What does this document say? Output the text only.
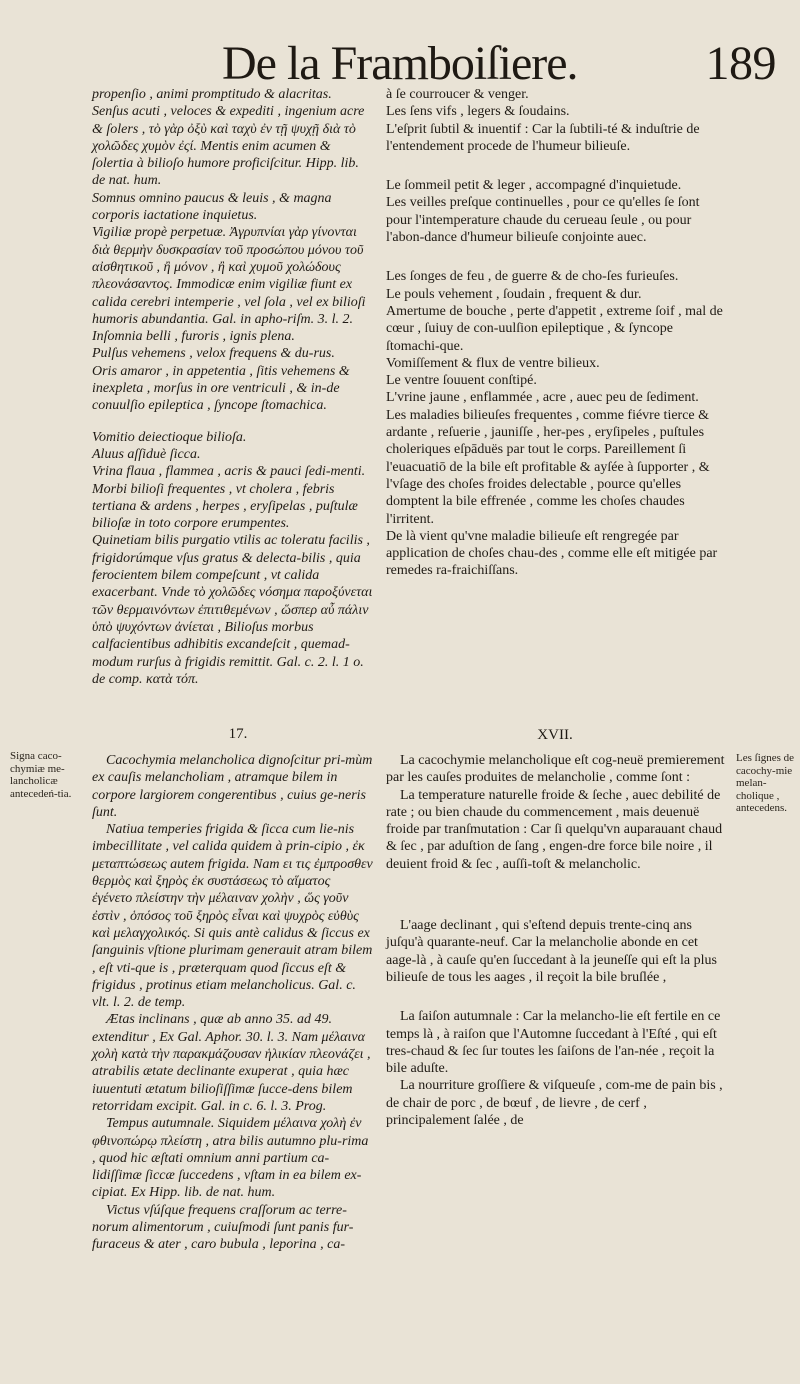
De la Framboiſiere.	189

propenſio , animi promptitudo & alacritas.

Senſus acuti , veloces & expediti , ingenium acre & ſolers , τὸ γὰρ ὀξὺ καὶ ταχὺ ἐν τῇ ψυχῇ διὰ τὸ χολῶδες χυμὸν ἐςί. Mentis enim acumen & ſolertia à bilioſo humore proficiſcitur. Hipp. lib. de nat. hum.

Somnus omnino paucus & leuis , & magna corporis iactatione inquietus.

Vigiliæ propè perpetuæ. Ἀγρυπνίαι γὰρ γίνονται διὰ θερμὴν δυσκρασίαν τοῦ προσώπου μόνου τοῦ αἰσθητικοῦ , ἢ μόνον , ἢ καὶ χυμοῦ χολώδους πλεονάσαντος. Immodicæ enim vigiliæ fiunt ex calida cerebri intemperie , vel ſola , vel ex bilioſi humoris abundantia. Gal. in apho-riſm. 3. l. 2.

Inſomnia belli , furoris , ignis plena.

Pulſus vehemens , velox frequens & du-rus.

Oris amaror , in appetentia , ſitis vehemens & inexpleta , morſus in ore ventriculi , & in-de conuulſio epileptica , ſyncope ſtomachica.

Vomitio deiectioque bilioſa.

Aluus aſſiduè ſicca.

Vrina flaua , flammea , acris & pauci ſedi-menti.

Morbi bilioſi frequentes , vt cholera , febris tertiana & ardens , herpes , eryſipelas , puſtulæ bilioſæ in toto corpore erumpentes.

Quinetiam bilis purgatio vtilis ac toleratu facilis , frigidorúmque vſus gratus & delecta-bilis , quia ferocientem bilem compeſcunt , vt calida exacerbant. Vnde τὸ χολῶδες νόσημα παροξύνεται τῶν θερμαινόντων ἐπιτιθεμένων , ὥσπερ αὖ πάλιν ὑπὸ ψυχόντων ἀνίεται , Bilioſus morbus calfacientibus adhibitis excandeſcit , quemad-modum rurſus à frigidis remittit. Gal. c. 2. l. 1 o. de comp. κατὰ τόπ.

à ſe courroucer & venger.

Les ſens vifs , legers & ſoudains.

L'eſprit ſubtil & inuentif : Car la ſubtili-té & induſtrie de l'entendement procede de l'humeur bilieuſe.

Le ſommeil petit & leger , accompagné d'inquietude.

Les veilles preſque continuelles , pour ce qu'elles ſe ſont pour l'intemperature chaude du cerueau ſeule , ou pour l'abon-dance d'humeur bilieuſe conjointe auec.

Les ſonges de feu , de guerre & de cho-ſes furieuſes.

Le pouls vehement , ſoudain , frequent & dur.

Amertume de bouche , perte d'appetit , extreme ſoif , mal de cœur , ſuiuy de con-uulſion epileptique , & ſyncope ſtomachi-que.

Vomiſſement & flux de ventre bilieux.

Le ventre ſouuent conſtipé.

L'vrine jaune , enflammée , acre , auec peu de ſediment.

Les maladies bilieuſes frequentes , comme fiévre tierce & ardante , reſuerie , jauniſſe , her-pes , eryſipeles , puſtules choleriques eſpāduës par tout le corps. Pareillement ſi l'euacuatiō de la bile eſt profitable & ayſée à ſupporter , & l'vſage des choſes froides delectable , pource qu'elles domptent la bile effrenée , comme les choſes chaudes l'irritent.

De là vient qu'vne maladie bilieuſe eſt rengregée par application de choſes chau-des , comme elle eſt mitigée par remedes ra-fraichiſſans.

17.	XVII.
Signa caco-chymiæ me-lancholicæ antecedeń-tia.
Les ſignes de cacochy-mie melan-cholique , antecedens.

Cacochymia melancholica dignoſcitur pri-mùm ex cauſis melancholiam , atramque bilem in corpore largiorem congerentibus , cuius ge-neris ſunt.

Natiua temperies frigida & ſicca cum lie-nis imbecillitate , vel calida quidem à prin-cipio , ἐκ μεταπτώσεως autem frigida. Nam ει τις ἐμπροσθεν θερμὸς καὶ ξηρὸς ἐκ συστάσεως τὸ αἵματος ἐγένετο πλείστην τὴν μέλαιναν χολὴν , ὥς γοῦν ἐστὶν , ὁπόσος τοῦ ξηρὸς εἶναι καὶ ψυχρὸς εὐθὺς καὶ μελαγχολικός. Si quis antè calidus & ſiccus ex ſanguinis vſtione plurimam generauit atram bilem , eſt vti-que is , præterquam quod ſiccus eſt & frigidus , protinus etiam melancholicus. Gal. c. vlt. l. 2. de temp.

Ætas inclinans , quæ ab anno 35. ad 49. extenditur , Ex Gal. Aphor. 30. l. 3. Nam μέλαινα χολὴ κατὰ τὴν παρακμάζουσαν ἡλικίαν πλεονάζει , atrabilis ætate declinante exuperat , quia hæc iuuentuti ætatum bilioſiſſimæ ſucce-dens bilem retorridam excipit. Gal. in c. 6. l. 3. Prog.

Tempus autumnale. Siquidem μέλαινα χολὴ ἐν φθινοπώρῳ πλείστη , atra bilis autumno plu-rima , quod hic æſtati omnium anni partium ca-lidiſſimæ ſiccæ ſuccedens , vſtam in ea bilem ex-cipiat. Ex Hipp. lib. de nat. hum.

Victus vſúſque frequens craſſorum ac terre-norum alimentorum , cuiuſmodi ſunt panis fur-furaceus & ater , caro bubula , leporina , ca-

La cacochymie melancholique eſt cog-neuë premierement par les cauſes produites de melancholie , comme ſont :

La temperature naturelle froide & ſeche , auec debilité de rate ; ou bien chaude du commencement , mais deuenuë froide par tranſmutation : Car ſi quelqu'vn auparauant chaud & ſec , par aduſtion de ſang , engen-dre force bile noire , il deuient froid & ſec , auſſi-toſt & melancholic.

L'aage declinant , qui s'eſtend depuis trente-cinq ans juſqu'à quarante-neuf. Car la melancholie abonde en cet aage-là , à cauſe qu'en ſuccedant à la jeuneſſe qui eſt la plus bilieuſe de tous les aages , il reçoit la bile bruſlée ,

La ſaiſon autumnale : Car la melancho-lie eſt fertile en ce temps là , à raiſon que l'Automne ſuccedant à l'Eſté , qui eſt tres-chaud & ſec ſur toutes les ſaiſons de l'an-née , reçoit la bile aduſte.

La nourriture groſſiere & viſqueuſe , com-me de pain bis , de chair de porc , de bœuf , de lievre , de cerf , principalement ſalée , de
